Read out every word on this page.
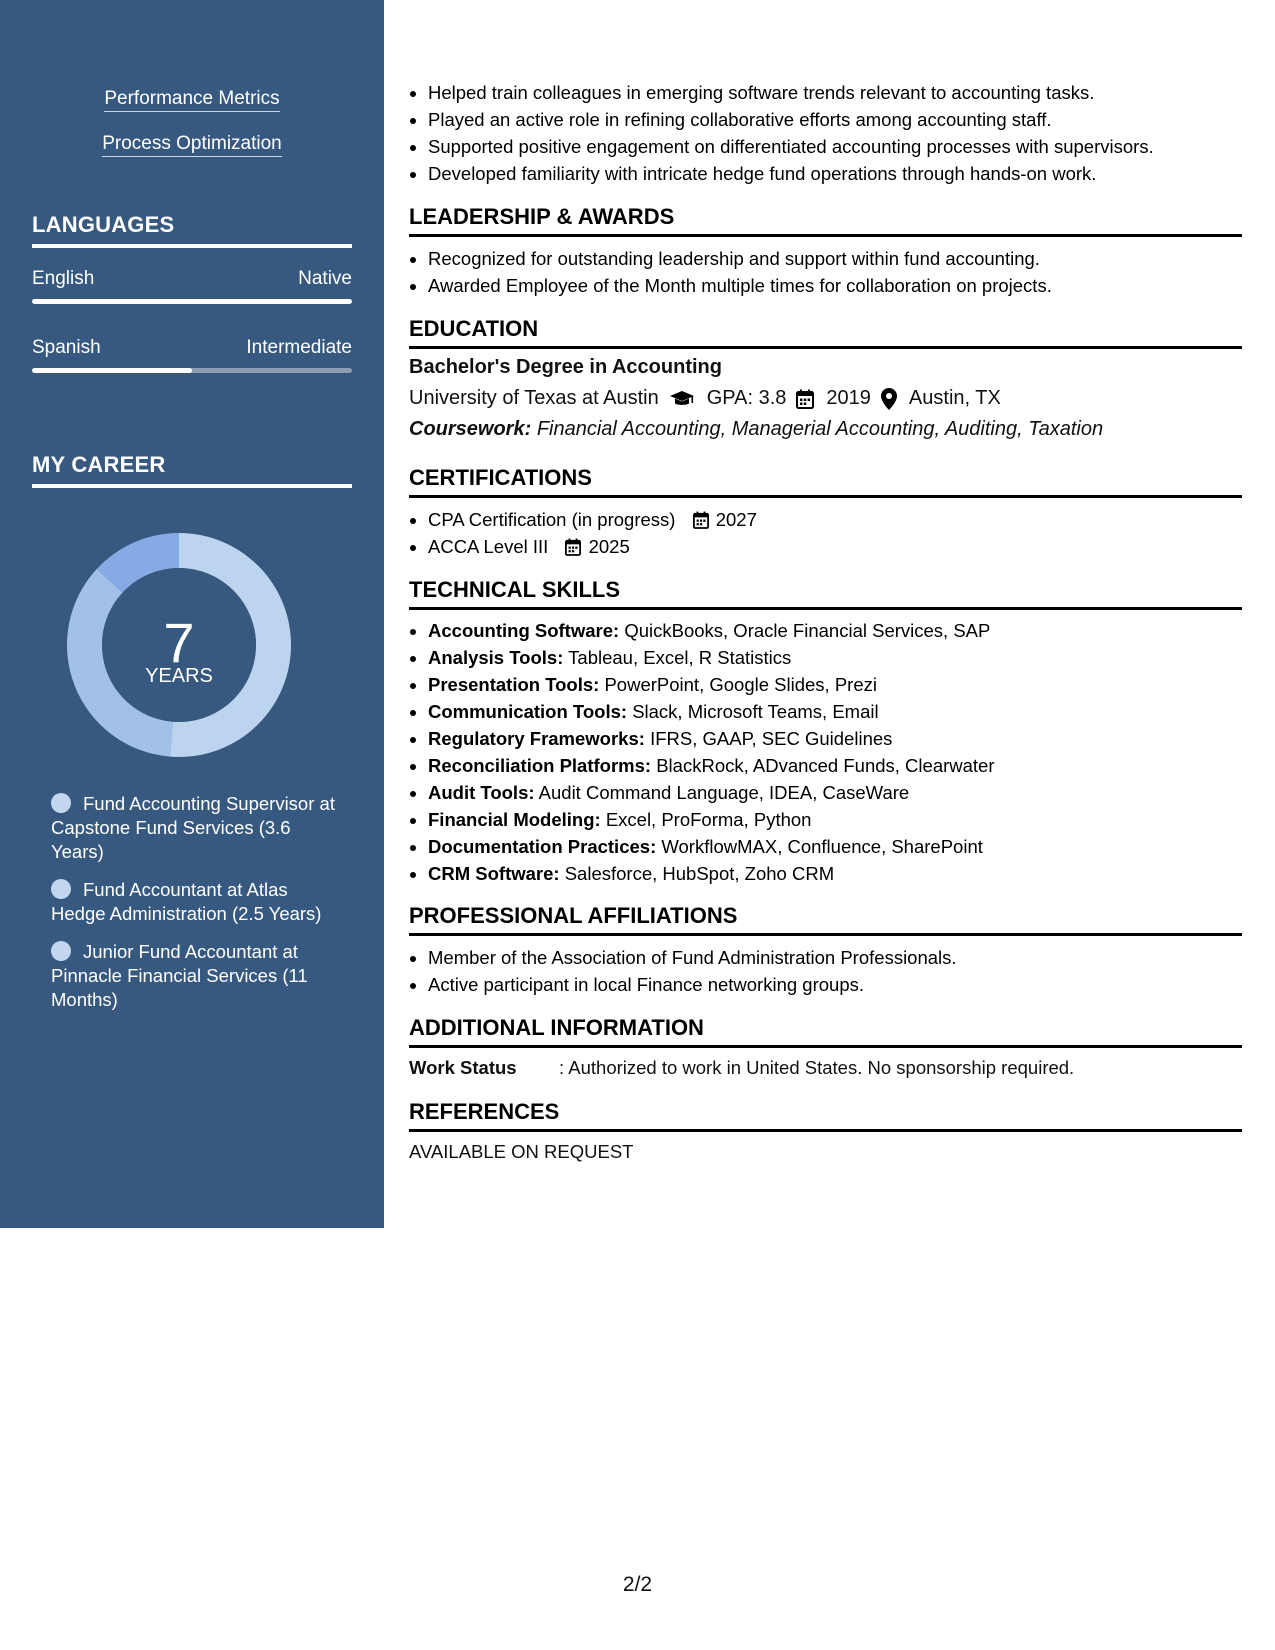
Performance Metrics
Process Optimization
LANGUAGES
English	Native
Spanish	Intermediate
MY CAREER
7
YEARS
Fund Accounting Supervisor at Capstone Fund Services (3.6 Years)
Fund Accountant at Atlas Hedge Administration (2.5 Years)
Junior Fund Accountant at Pinnacle Financial Services (11 Months)
• Helped train colleagues in emerging software trends relevant to accounting tasks.
• Played an active role in refining collaborative efforts among accounting staff.
• Supported positive engagement on differentiated accounting processes with supervisors.
• Developed familiarity with intricate hedge fund operations through hands-on work.
LEADERSHIP & AWARDS
• Recognized for outstanding leadership and support within fund accounting.
• Awarded Employee of the Month multiple times for collaboration on projects.
EDUCATION
Bachelor's Degree in Accounting
University of Texas at Austin GPA: 3.8 2019 Austin, TX
Coursework: Financial Accounting, Managerial Accounting, Auditing, Taxation
CERTIFICATIONS
• CPA Certification (in progress) 2027
• ACCA Level III 2025
TECHNICAL SKILLS
• Accounting Software: QuickBooks, Oracle Financial Services, SAP
• Analysis Tools: Tableau, Excel, R Statistics
• Presentation Tools: PowerPoint, Google Slides, Prezi
• Communication Tools: Slack, Microsoft Teams, Email
• Regulatory Frameworks: IFRS, GAAP, SEC Guidelines
• Reconciliation Platforms: BlackRock, ADvanced Funds, Clearwater
• Audit Tools: Audit Command Language, IDEA, CaseWare
• Financial Modeling: Excel, ProForma, Python
• Documentation Practices: WorkflowMAX, Confluence, SharePoint
• CRM Software: Salesforce, HubSpot, Zoho CRM
PROFESSIONAL AFFILIATIONS
• Member of the Association of Fund Administration Professionals.
• Active participant in local Finance networking groups.
ADDITIONAL INFORMATION
Work Status : Authorized to work in United States. No sponsorship required.
REFERENCES
AVAILABLE ON REQUEST
2/2
